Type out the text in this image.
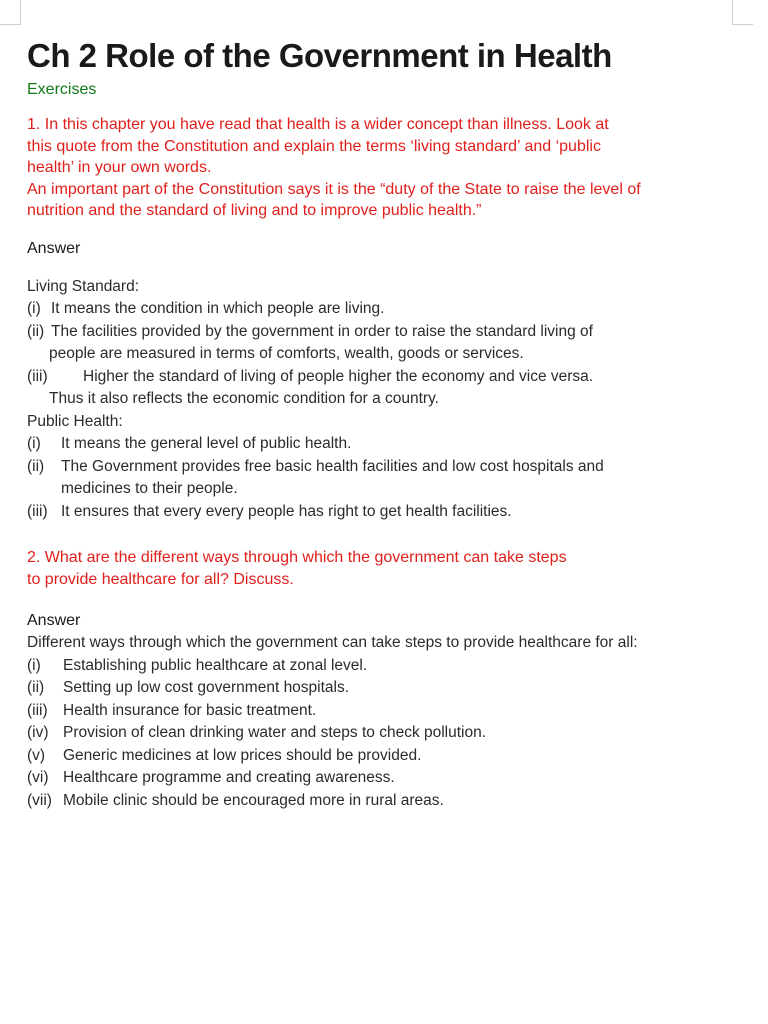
Ch 2 Role of the Government in Health

Exercises

1. In this chapter you have read that health is a wider concept than illness. Look at
this quote from the Constitution and explain the terms ‘living standard’ and ‘public
health’ in your own words.
An important part of the Constitution says it is the “duty of the State to raise the level of
nutrition and the standard of living and to improve public health.”

Answer

Living Standard:

(i) It means the condition in which people are living.
(ii) The facilities provided by the government in order to raise the standard living of
people are measured in terms of comforts, wealth, goods or services.
(iii)	Higher the standard of living of people higher the economy and vice versa.
Thus it also reflects the economic condition for a country.

Public Health:

(i)	It means the general level of public health.
(ii)	The Government provides free basic health facilities and low cost hospitals and
medicines to their people.
(iii) It ensures that every every people has right to get health facilities.
2. What are the different ways through which the government can take steps
to provide healthcare for all? Discuss.

Answer

Different ways through which the government can take steps to provide healthcare for all:

(i)	Establishing public healthcare at zonal level.
(ii)	Setting up low cost government hospitals.
(iii) Health insurance for basic treatment.
(iv) Provision of clean drinking water and steps to check pollution.
(v)	Generic medicines at low prices should be provided.
(vi) Healthcare programme and creating awareness.
(vii) Mobile clinic should be encouraged more in rural areas.
